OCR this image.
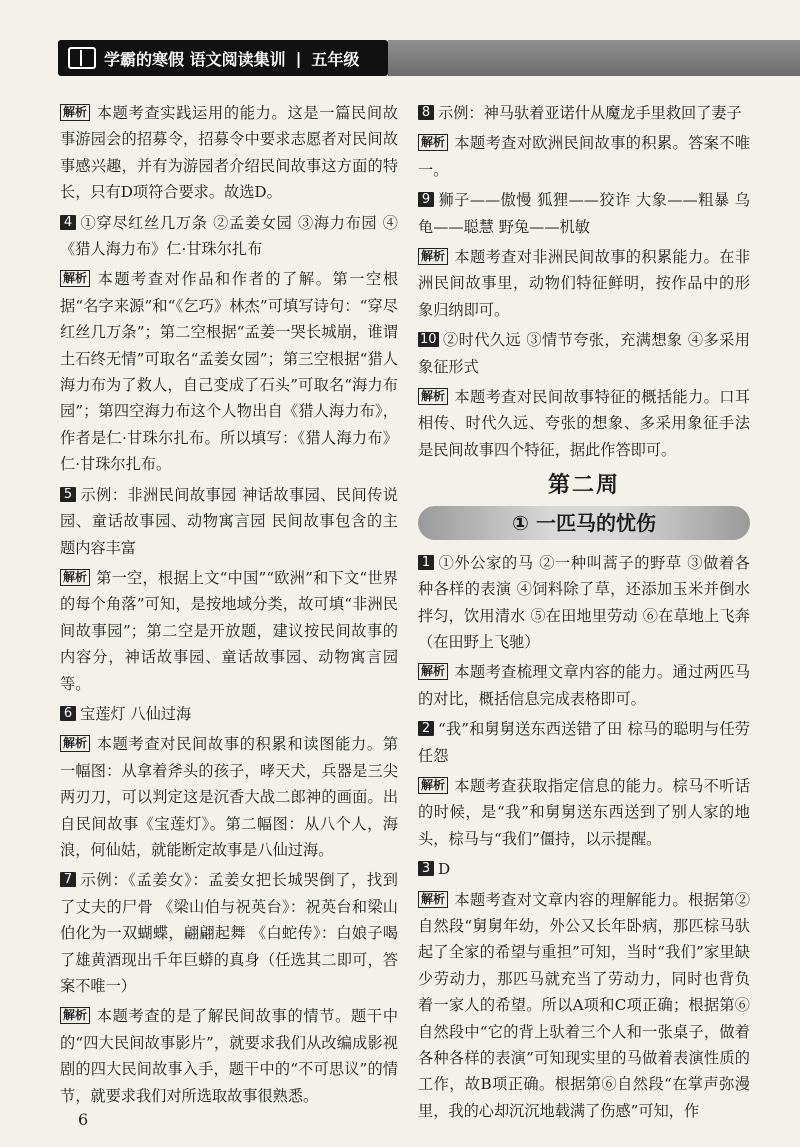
学霸的寒假 语文阅读集训 | 五年级

解析 本题考查实践运用的能力。这是一篇民间故事游园会的招募令，招募令中要求志愿者对民间故事感兴趣，并有为游园者介绍民间故事这方面的特长，只有D项符合要求。故选D。

4 ①穿尽红丝几万条 ②孟姜女园 ③海力布园 ④《猎人海力布》仁·甘珠尔扎布

解析 本题考查对作品和作者的了解。第一空根据“名字来源”和“《乞巧》林杰”可填写诗句：“穿尽红丝几万条”；第二空根据“孟姜一哭长城崩，谁谓土石终无情”可取名“孟姜女园”；第三空根据“猎人海力布为了救人，自己变成了石头”可取名“海力布园”；第四空海力布这个人物出自《猎人海力布》，作者是仁·甘珠尔扎布。所以填写：《猎人海力布》仁·甘珠尔扎布。

5 示例：非洲民间故事园 神话故事园、民间传说园、童话故事园、动物寓言园 民间故事包含的主题内容丰富

解析 第一空，根据上文“中国”“欧洲”和下文“世界的每个角落”可知，是按地域分类，故可填“非洲民间故事园”；第二空是开放题，建议按民间故事的内容分，神话故事园、童话故事园、动物寓言园等。

6 宝莲灯 八仙过海

解析 本题考查对民间故事的积累和读图能力。第一幅图：从拿着斧头的孩子，哮天犬，兵器是三尖两刃刀，可以判定这是沉香大战二郎神的画面。出自民间故事《宝莲灯》。第二幅图：从八个人，海浪，何仙姑，就能断定故事是八仙过海。

7 示例：《孟姜女》：孟姜女把长城哭倒了，找到了丈夫的尸骨 《梁山伯与祝英台》：祝英台和梁山伯化为一双蝴蝶，翩翩起舞 《白蛇传》：白娘子喝了雄黄酒现出千年巨蟒的真身（任选其二即可，答案不唯一）

解析 本题考查的是了解民间故事的情节。题干中的“四大民间故事影片”，就要求我们从改编成影视剧的四大民间故事入手，题干中的“不可思议”的情节，就要求我们对所选取故事很熟悉。

8 示例：神马驮着亚诺什从魔龙手里救回了妻子

解析 本题考查对欧洲民间故事的积累。答案不唯一。

9 狮子——傲慢 狐狸——狡诈 大象——粗暴 乌龟——聪慧 野兔——机敏

解析 本题考查对非洲民间故事的积累能力。在非洲民间故事里，动物们特征鲜明，按作品中的形象归纳即可。

10 ②时代久远 ③情节夸张，充满想象 ④多采用象征形式

解析 本题考查对民间故事特征的概括能力。口耳相传、时代久远、夸张的想象、多采用象征手法是民间故事四个特征，据此作答即可。

第二周
① 一匹马的忧伤

1 ①外公家的马 ②一种叫蒿子的野草 ③做着各种各样的表演 ④饲料除了草，还添加玉米并倒水拌匀，饮用清水 ⑤在田地里劳动 ⑥在草地上飞奔（在田野上飞驰）

解析 本题考查梳理文章内容的能力。通过两匹马的对比，概括信息完成表格即可。

2 “我”和舅舅送东西送错了田 棕马的聪明与任劳任怨

解析 本题考查获取指定信息的能力。棕马不听话的时候，是“我”和舅舅送东西送到了别人家的地头，棕马与“我们”僵持，以示提醒。

3 D

解析 本题考查对文章内容的理解能力。根据第②自然段“舅舅年幼，外公又长年卧病，那匹棕马驮起了全家的希望与重担”可知，当时“我们”家里缺少劳动力，那匹马就充当了劳动力，同时也背负着一家人的希望。所以A项和C项正确；根据第⑥自然段中“它的背上驮着三个人和一张桌子，做着各种各样的表演”可知现实里的马做着表演性质的工作，故B项正确。根据第⑥自然段“在掌声弥漫里，我的心却沉沉地载满了伤感”可知，作

6
